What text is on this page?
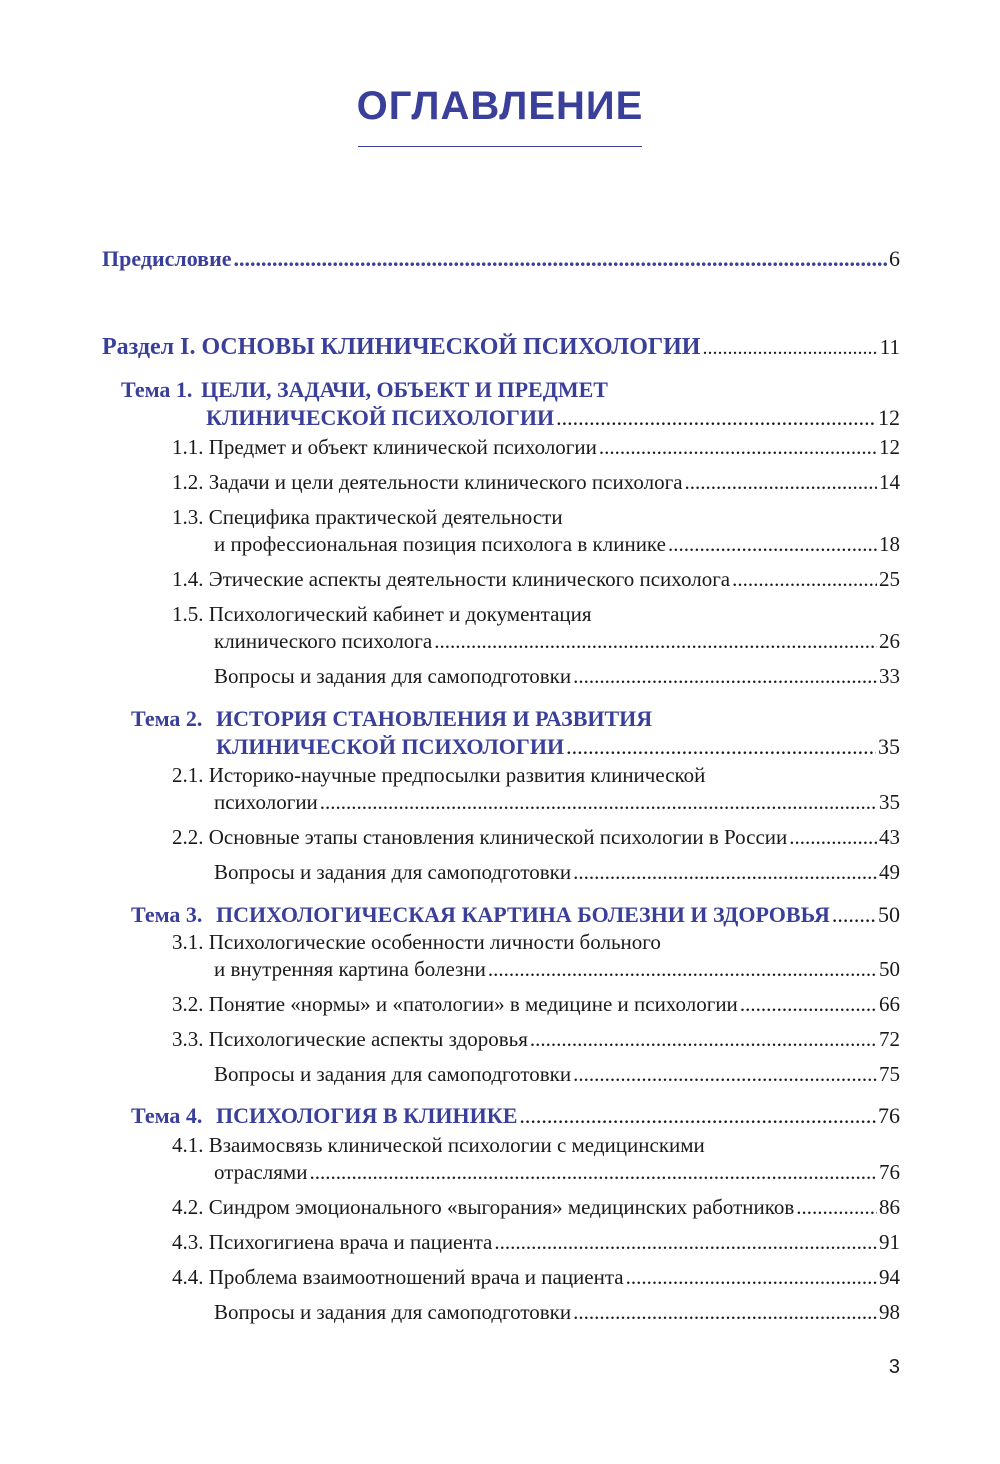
ОГЛАВЛЕНИЕ
Предисловие .....	6
Раздел I. ОСНОВЫ КЛИНИЧЕСКОЙ ПСИХОЛОГИИ .....	11
Тема 1. ЦЕЛИ, ЗАДАЧИ, ОБЪЕКТ И ПРЕДМЕТ
КЛИНИЧЕСКОЙ ПСИХОЛОГИИ .....	12
1.1. Предмет и объект клинической психологии .....	12
1.2. Задачи и цели деятельности клинического психолога .....	14
1.3. Специфика практической деятельности
и профессиональная позиция психолога в клинике .....	18
1.4. Этические аспекты деятельности клинического психолога .....	25
1.5. Психологический кабинет и документация
клинического психолога .....	26
Вопросы и задания для самоподготовки .....	33
Тема 2. ИСТОРИЯ СТАНОВЛЕНИЯ И РАЗВИТИЯ
КЛИНИЧЕСКОЙ ПСИХОЛОГИИ .....	35
2.1. Историко-научные предпосылки развития клинической
психологии .....	35
2.2. Основные этапы становления клинической психологии в России .....	43
Вопросы и задания для самоподготовки .....	49
Тема 3. ПСИХОЛОГИЧЕСКАЯ КАРТИНА БОЛЕЗНИ И ЗДОРОВЬЯ ..... 50
3.1. Психологические особенности личности больного
и внутренняя картина болезни .....	50
3.2. Понятие «нормы» и «патологии» в медицине и психологии .....	66
3.3. Психологические аспекты здоровья .....	72
Вопросы и задания для самоподготовки .....	75
Тема 4. ПСИХОЛОГИЯ В КЛИНИКЕ .....	76
4.1. Взаимосвязь клинической психологии с медицинскими
отраслями .....	76
4.2. Синдром эмоционального «выгорания» медицинских работников .....	86
4.3. Психогигиена врача и пациента .....	91
4.4. Проблема взаимоотношений врача и пациента .....	94
Вопросы и задания для самоподготовки .....	98
3
